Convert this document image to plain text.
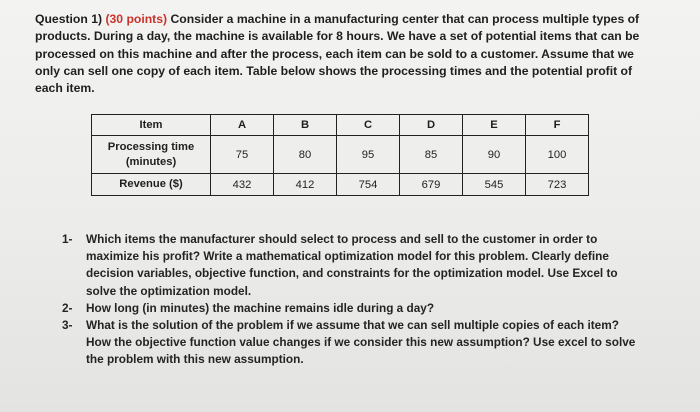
Question 1) (30 points) Consider a machine in a manufacturing center that can process multiple types of products. During a day, the machine is available for 8 hours. We have a set of potential items that can be processed on this machine and after the process, each item can be sold to a customer. Assume that we only can sell one copy of each item. Table below shows the processing times and the potential profit of each item.
Item	A	B	C	D	E	F
Processing time (minutes)	75	80	95	85	90	100
Revenue ($)	432	412	754	679	545	723
1-	Which items the manufacturer should select to process and sell to the customer in order to maximize his profit? Write a mathematical optimization model for this problem. Clearly define decision variables, objective function, and constraints for the optimization model. Use Excel to solve the optimization model.
2-	How long (in minutes) the machine remains idle during a day?
3-	What is the solution of the problem if we assume that we can sell multiple copies of each item? How the objective function value changes if we consider this new assumption? Use excel to solve the problem with this new assumption.
